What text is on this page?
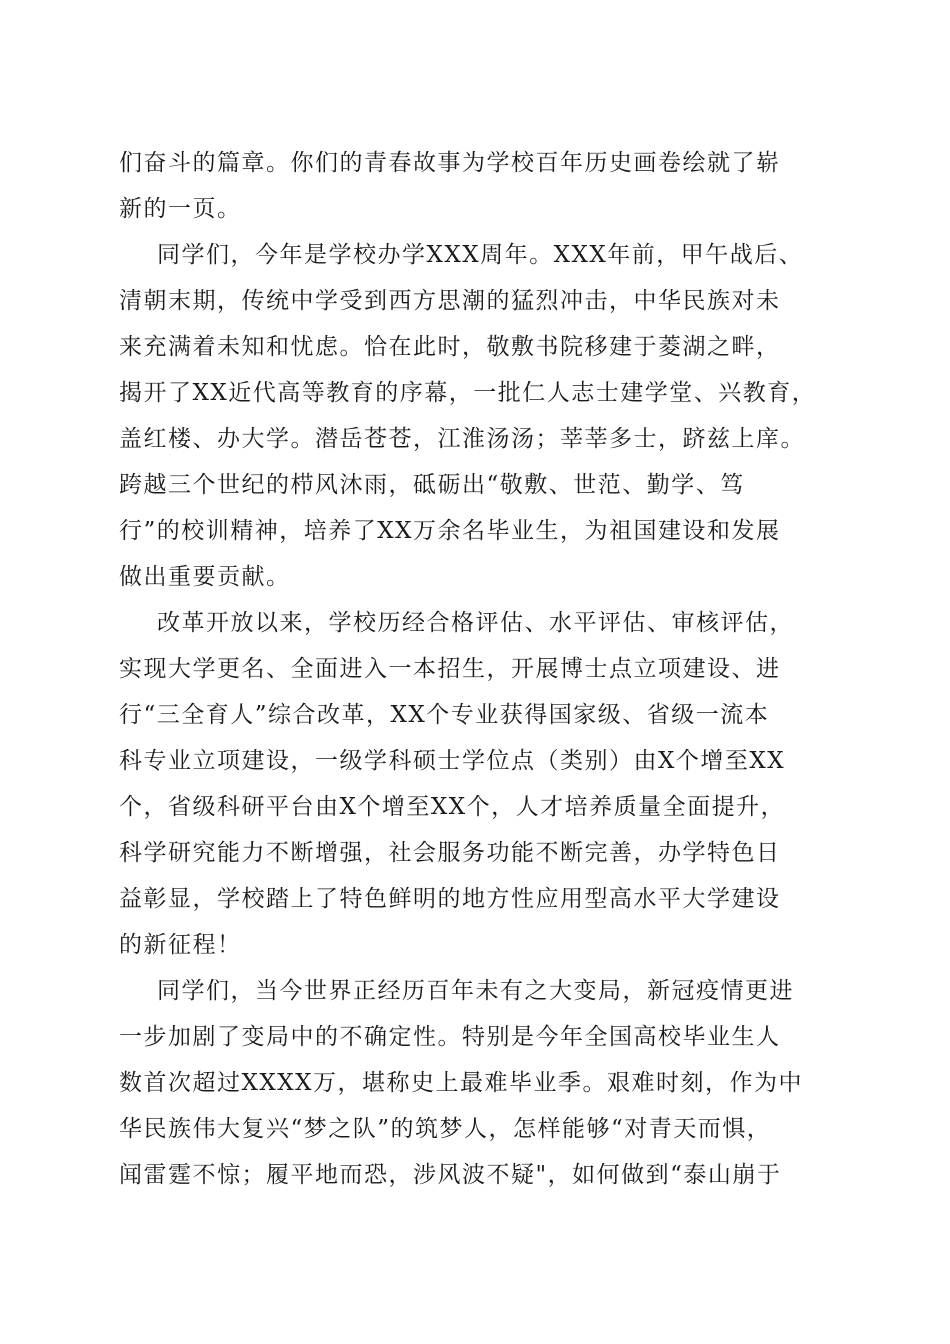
们奋斗的篇章。你们的青春故事为学校百年历史画卷绘就了崭
新的一页。
同学们，今年是学校办学XXX周年。XXX年前，甲午战后、
清朝末期，传统中学受到西方思潮的猛烈冲击，中华民族对未
来充满着未知和忧虑。恰在此时，敬敷书院移建于菱湖之畔，
揭开了XX近代高等教育的序幕，一批仁人志士建学堂、兴教育，
盖红楼、办大学。潜岳苍苍，江淮汤汤；莘莘多士，跻兹上庠。
跨越三个世纪的栉风沐雨，砥砺出“敬敷、世范、勤学、笃
行”的校训精神，培养了XX万余名毕业生，为祖国建设和发展
做出重要贡献。
改革开放以来，学校历经合格评估、水平评估、审核评估，
实现大学更名、全面进入一本招生，开展博士点立项建设、进
行“三全育人”综合改革，XX个专业获得国家级、省级一流本
科专业立项建设，一级学科硕士学位点（类别）由X个增至XX
个，省级科研平台由X个增至XX个，人才培养质量全面提升，
科学研究能力不断增强，社会服务功能不断完善，办学特色日
益彰显，学校踏上了特色鲜明的地方性应用型高水平大学建设
的新征程！
同学们，当今世界正经历百年未有之大变局，新冠疫情更进
一步加剧了变局中的不确定性。特别是今年全国高校毕业生人
数首次超过XXXX万，堪称史上最难毕业季。艰难时刻，作为中
华民族伟大复兴“梦之队”的筑梦人，怎样能够“对青天而惧，
闻雷霆不惊；履平地而恐，涉风波不疑"，如何做到“泰山崩于
